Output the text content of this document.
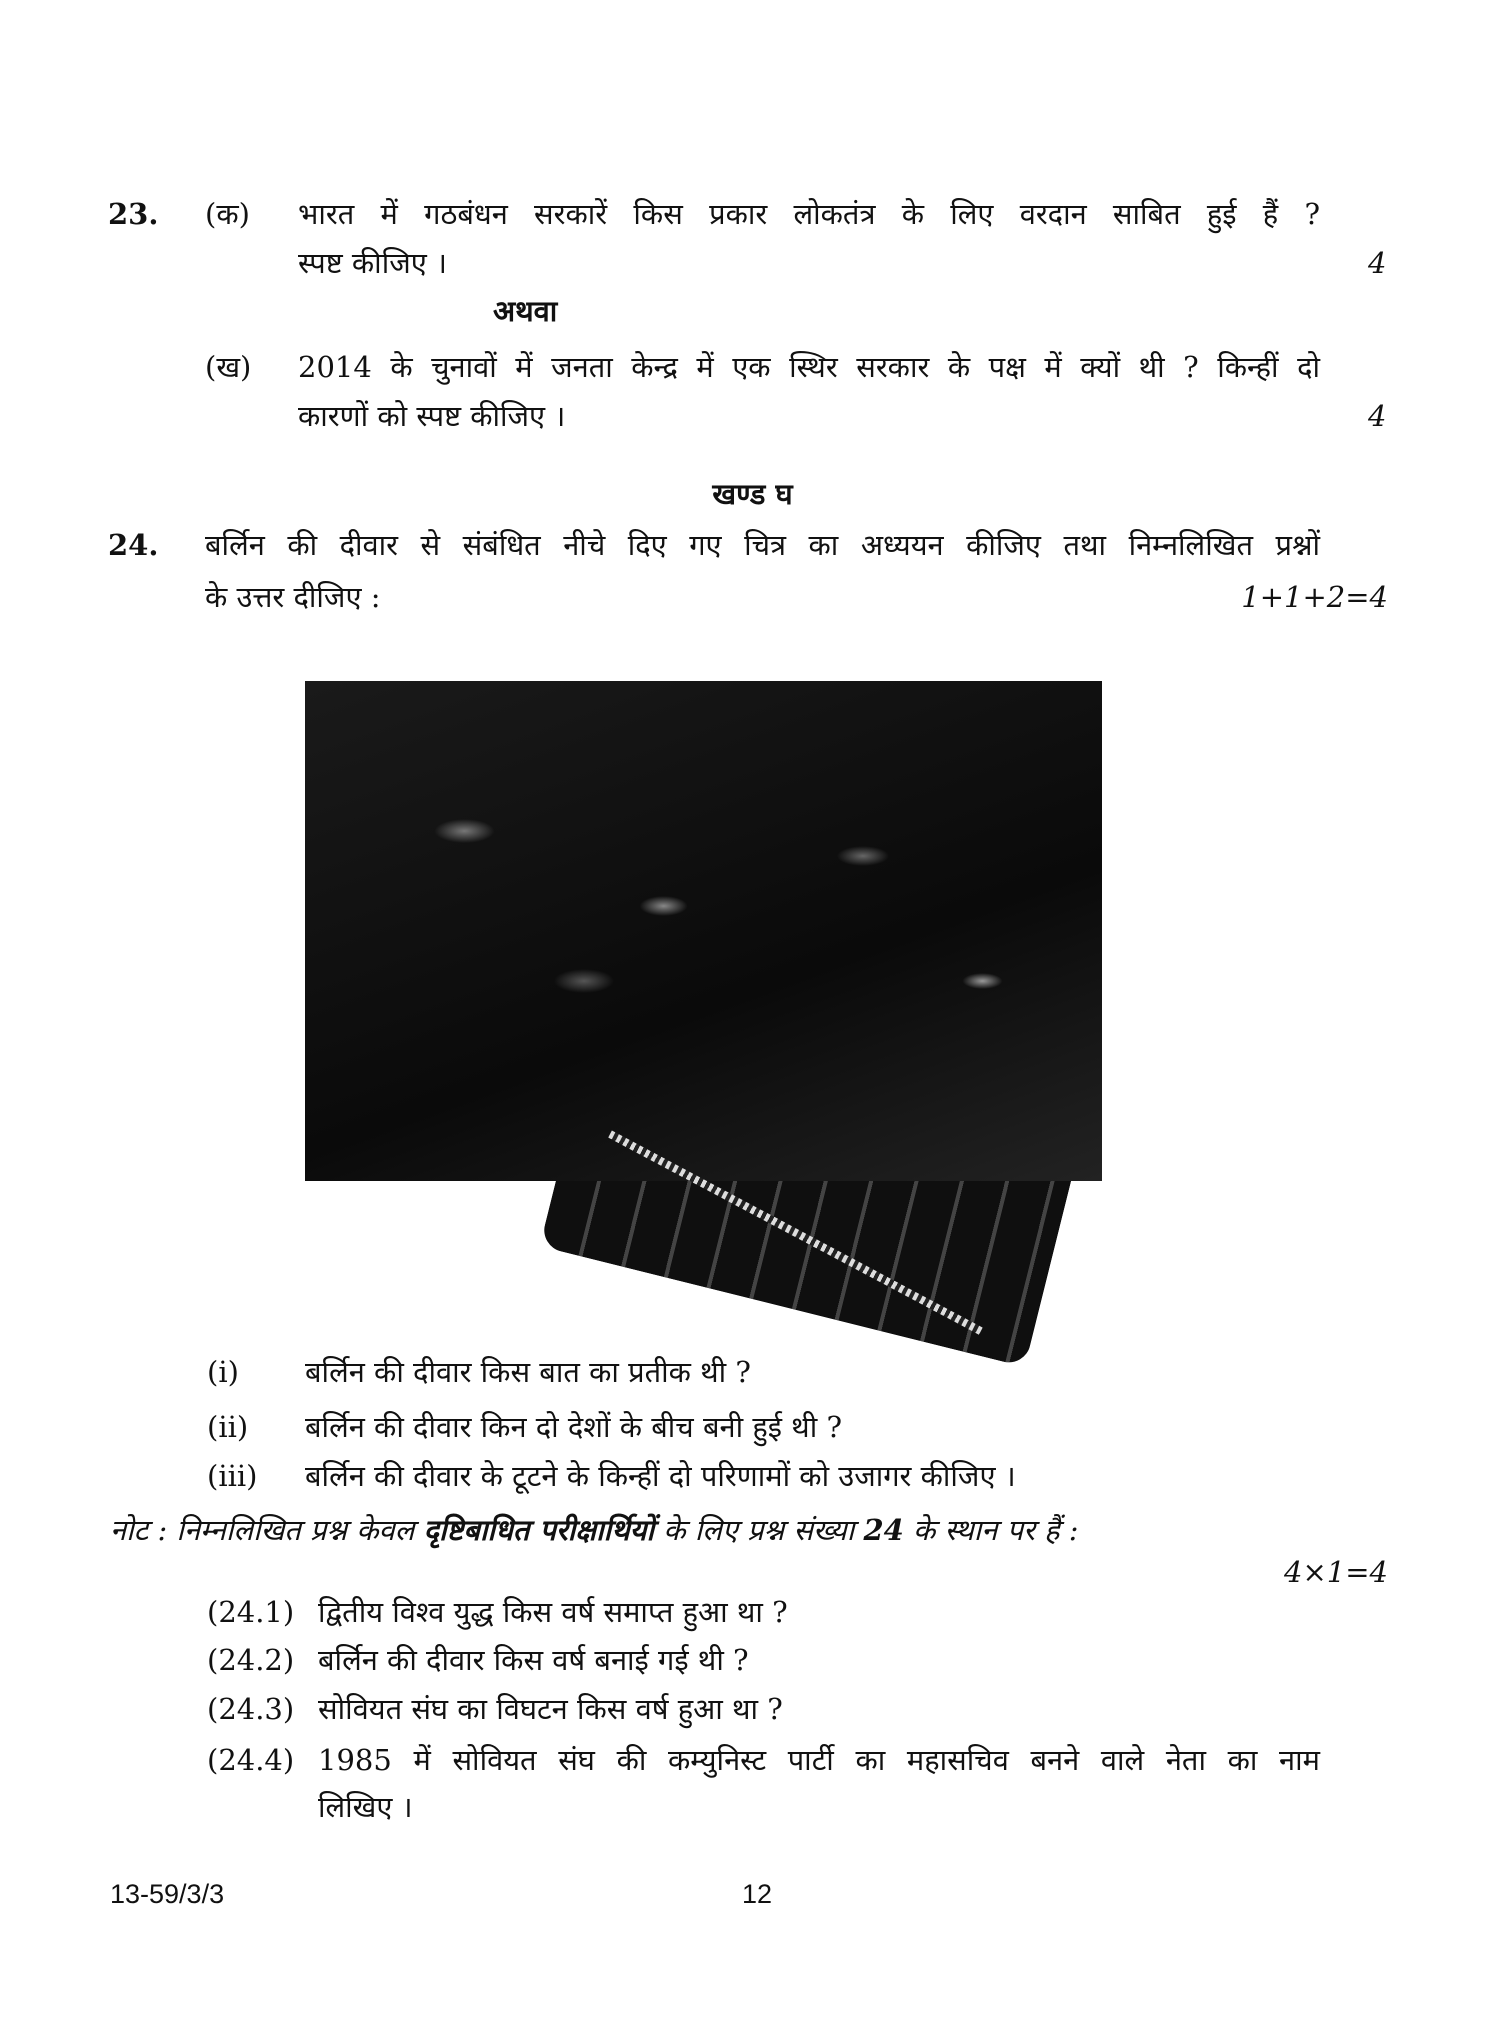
23. (क) भारत में गठबंधन सरकारें किस प्रकार लोकतंत्र के लिए वरदान साबित हुई हैं ?
स्पष्ट कीजिए ।	4
अथवा
(ख) 2014 के चुनावों में जनता केन्द्र में एक स्थिर सरकार के पक्ष में क्यों थी ? किन्हीं दो
कारणों को स्पष्ट कीजिए ।	4
खण्ड घ
24. बर्लिन की दीवार से संबंधित नीचे दिए गए चित्र का अध्ययन कीजिए तथा निम्नलिखित प्रश्नों
के उत्तर दीजिए :	1+1+2=4
(i) बर्लिन की दीवार किस बात का प्रतीक थी ?
(ii) बर्लिन की दीवार किन दो देशों के बीच बनी हुई थी ?
(iii) बर्लिन की दीवार के टूटने के किन्हीं दो परिणामों को उजागर कीजिए ।
नोट : निम्नलिखित प्रश्न केवल दृष्टिबाधित परीक्षार्थियों के लिए प्रश्न संख्या 24 के स्थान पर हैं :
4×1=4
(24.1) द्वितीय विश्व युद्ध किस वर्ष समाप्त हुआ था ?
(24.2) बर्लिन की दीवार किस वर्ष बनाई गई थी ?
(24.3) सोवियत संघ का विघटन किस वर्ष हुआ था ?
(24.4) 1985 में सोवियत संघ की कम्युनिस्ट पार्टी का महासचिव बनने वाले नेता का नाम
लिखिए ।
13-59/3/3	12
